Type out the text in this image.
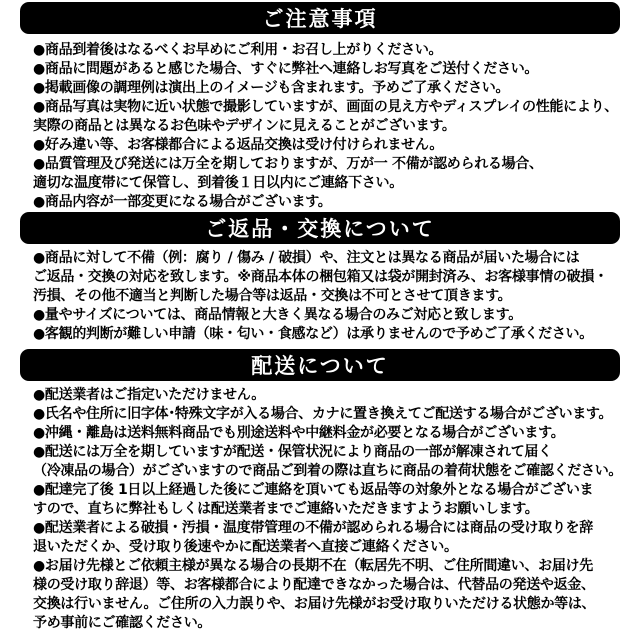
ご注意事項
●商品到着後はなるべくお早めにご利用・お召し上がりください。
●商品に問題があると感じた場合、すぐに弊社へ連絡しお写真をご送付ください。
●掲載画像の調理例は演出上のイメージも含まれます。予めご了承ください。
●商品写真は実物に近い状態で撮影していますが、画面の見え方やディスプレイの性能により、
実際の商品とは異なるお色味やデザインに見えることがございます。
●好み違い等、お客様都合による返品交換は受け付けられません。
●品質管理及び発送には万全を期しておりますが、万が一 不備が認められる場合、
適切な温度帯にて保管し、到着後１日以内にご連絡下さい。
●商品内容が一部変更になる場合がございます。
ご返品・交換について
●商品に対して不備（例：腐り / 傷み / 破損）や、注文とは異なる商品が届いた場合には
ご返品・交換の対応を致します。※商品本体の梱包箱又は袋が開封済み、お客様事情の破損・
汚損、その他不適当と判断した場合等は返品・交換は不可とさせて頂きます。
●量やサイズについては、商品情報と大きく異なる場合のみご対応と致します。
●客観的判断が難しい申請（味・匂い・食感など）は承りませんので予めご了承ください。
配送について
●配送業者はご指定いただけません。
●氏名や住所に旧字体･特殊文字が入る場合、カナに置き換えてご配送する場合がございます。
●沖縄・離島は送料無料商品でも別途送料や中継料金が必要となる場合がございます。
●配送には万全を期していますが配送・保管状況により商品の一部が解凍されて届く
（冷凍品の場合）がございますので商品ご到着の際は直ちに商品の着荷状態をご確認ください。
●配達完了後 1日以上経過した後にご連絡を頂いても返品等の対象外となる場合がございま
すので、直ちに弊社もしくは配送業者までご連絡いただきますようお願いします。
●配送業者による破損・汚損・温度帯管理の不備が認められる場合には商品の受け取りを辞
退いただくか、受け取り後速やかに配送業者へ直接ご連絡ください。
●お届け先様とご依頼主様が異なる場合の長期不在（転居先不明、ご住所間違い、お届け先
様の受け取り辞退）等、お客様都合により配達できなかった場合は、代替品の発送や返金、
交換は行いません。ご住所の入力誤りや、お届け先様がお受け取りいただける状態か等は、
予め事前にご確認ください。
